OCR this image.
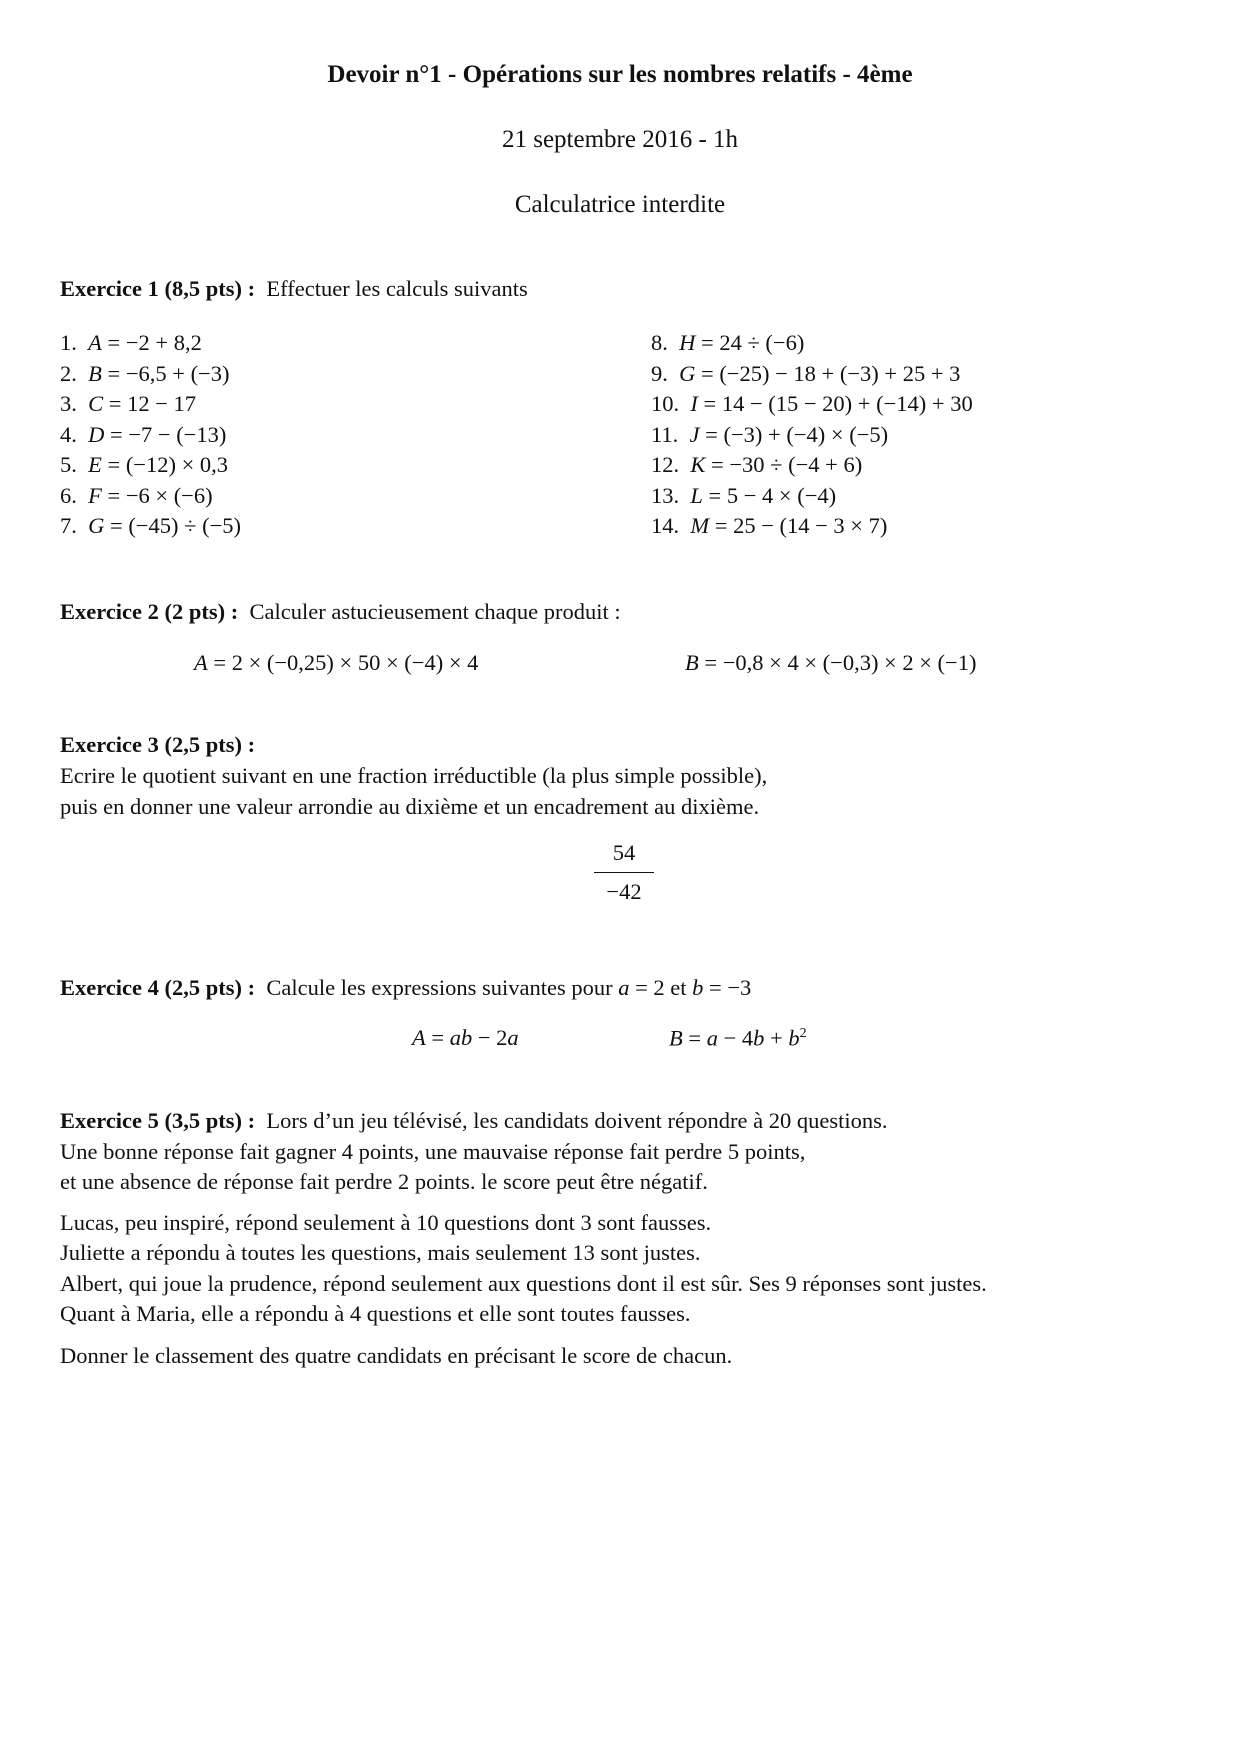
Devoir n°1 - Opérations sur les nombres relatifs - 4ème
21 septembre 2016 - 1h
Calculatrice interdite
Exercice 1 (8,5 pts) : Effectuer les calculs suivants
1. A = −2 + 8,2
2. B = −6,5 + (−3)
3. C = 12 − 17
4. D = −7 − (−13)
5. E = (−12) × 0,3
6. F = −6 × (−6)
7. G = (−45) ÷ (−5)
8. H = 24 ÷ (−6)
9. G = (−25) − 18 + (−3) + 25 + 3
10. I = 14 − (15 − 20) + (−14) + 30
11. J = (−3) + (−4) × (−5)
12. K = −30 ÷ (−4 + 6)
13. L = 5 − 4 × (−4)
14. M = 25 − (14 − 3 × 7)
Exercice 2 (2 pts) : Calculer astucieusement chaque produit :
A = 2 × (−0,25) × 50 × (−4) × 4	B = −0,8 × 4 × (−0,3) × 2 × (−1)
Exercice 3 (2,5 pts) :
Ecrire le quotient suivant en une fraction irréductible (la plus simple possible),
puis en donner une valeur arrondie au dixième et un encadrement au dixième.
$\frac{54}{-42}$
Exercice 4 (2,5 pts) : Calcule les expressions suivantes pour a = 2 et b = −3
A = ab − 2a	$B = a - 4b + b^2$
Exercice 5 (3,5 pts) : Lors d’un jeu télévisé, les candidats doivent répondre à 20 questions.
Une bonne réponse fait gagner 4 points, une mauvaise réponse fait perdre 5 points,
et une absence de réponse fait perdre 2 points. le score peut être négatif.
Lucas, peu inspiré, répond seulement à 10 questions dont 3 sont fausses.
Juliette a répondu à toutes les questions, mais seulement 13 sont justes.
Albert, qui joue la prudence, répond seulement aux questions dont il est sûr. Ses 9 réponses sont justes.
Quant à Maria, elle a répondu à 4 questions et elle sont toutes fausses.
Donner le classement des quatre candidats en précisant le score de chacun.
